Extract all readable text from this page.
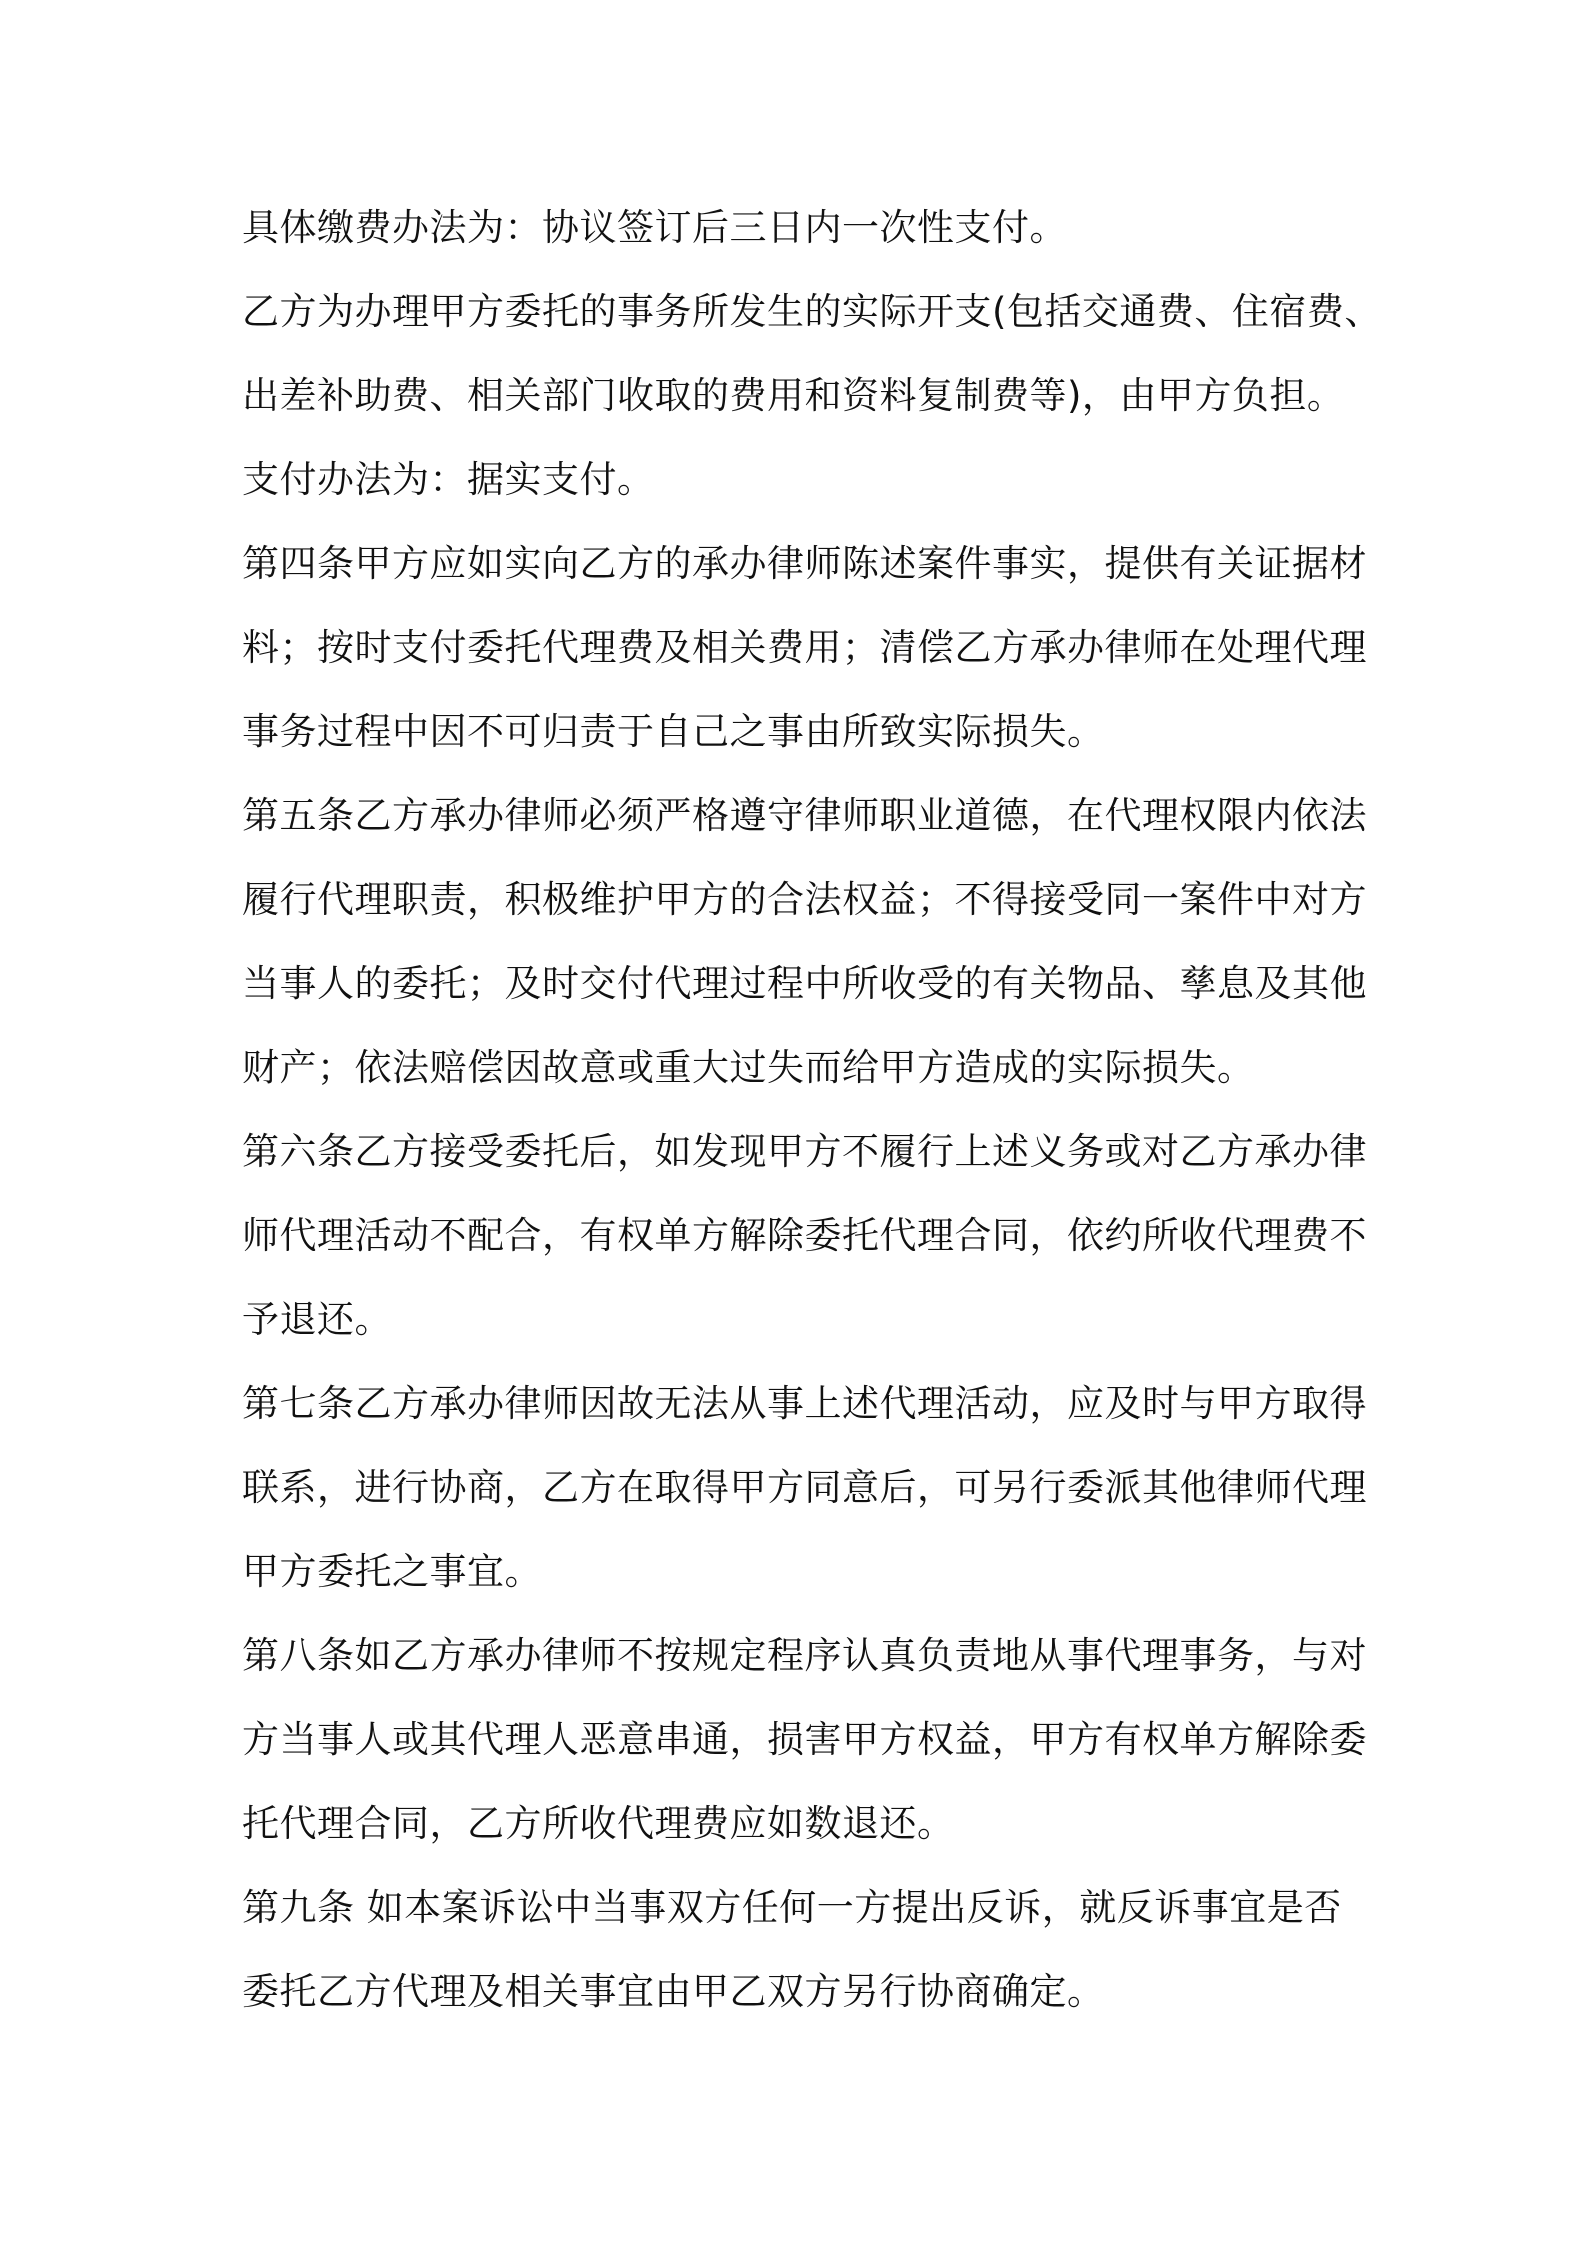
具体缴费办法为：协议签订后三日内一次性支付。

乙方为办理甲方委托的事务所发生的实际开支(包括交通费、住宿费、
出差补助费、相关部门收取的费用和资料复制费等)，由甲方负担。

支付办法为：据实支付。

第四条甲方应如实向乙方的承办律师陈述案件事实，提供有关证据材
料；按时支付委托代理费及相关费用；清偿乙方承办律师在处理代理
事务过程中因不可归责于自己之事由所致实际损失。

第五条乙方承办律师必须严格遵守律师职业道德，在代理权限内依法
履行代理职责，积极维护甲方的合法权益；不得接受同一案件中对方
当事人的委托；及时交付代理过程中所收受的有关物品、孳息及其他
财产；依法赔偿因故意或重大过失而给甲方造成的实际损失。

第六条乙方接受委托后，如发现甲方不履行上述义务或对乙方承办律
师代理活动不配合，有权单方解除委托代理合同，依约所收代理费不
予退还。

第七条乙方承办律师因故无法从事上述代理活动，应及时与甲方取得
联系，进行协商，乙方在取得甲方同意后，可另行委派其他律师代理
甲方委托之事宜。

第八条如乙方承办律师不按规定程序认真负责地从事代理事务，与对
方当事人或其代理人恶意串通，损害甲方权益，甲方有权单方解除委
托代理合同，乙方所收代理费应如数退还。

第九条 如本案诉讼中当事双方任何一方提出反诉，就反诉事宜是否
委托乙方代理及相关事宜由甲乙双方另行协商确定。
